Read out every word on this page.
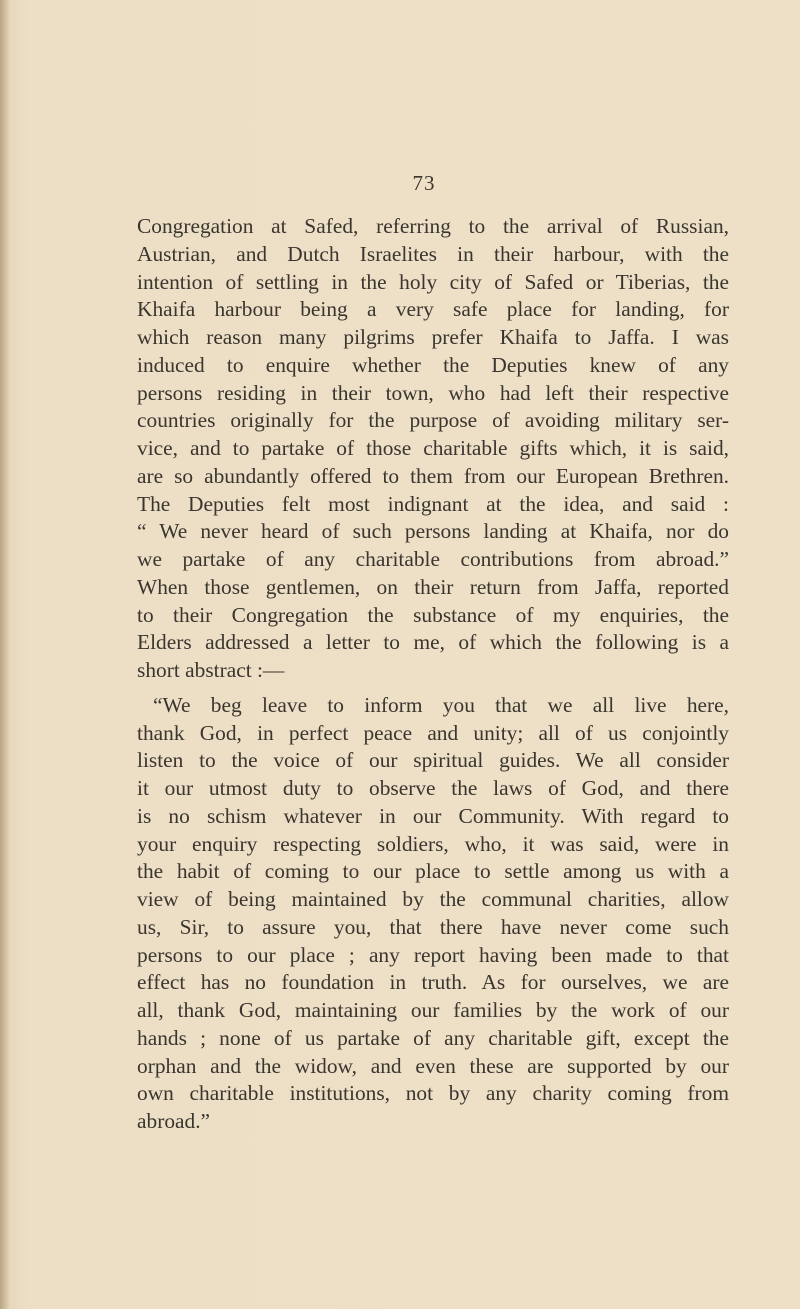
73
Congregation at Safed, referring to the arrival of Russian,
Austrian, and Dutch Israelites in their harbour, with the
intention of settling in the holy city of Safed or Tiberias, the
Khaifa harbour being a very safe place for landing, for
which reason many pilgrims prefer Khaifa to Jaffa. I was
induced to enquire whether the Deputies knew of any
persons residing in their town, who had left their respective
countries originally for the purpose of avoiding military ser-
vice, and to partake of those charitable gifts which, it is said,
are so abundantly offered to them from our European Brethren.
The Deputies felt most indignant at the idea, and said :
“ We never heard of such persons landing at Khaifa, nor do
we partake of any charitable contributions from abroad.”
When those gentlemen, on their return from Jaffa, reported
to their Congregation the substance of my enquiries, the
Elders addressed a letter to me, of which the following is a
short abstract :—
“We beg leave to inform you that we all live here,
thank God, in perfect peace and unity; all of us conjointly
listen to the voice of our spiritual guides. We all consider
it our utmost duty to observe the laws of God, and there
is no schism whatever in our Community. With regard to
your enquiry respecting soldiers, who, it was said, were in
the habit of coming to our place to settle among us with a
view of being maintained by the communal charities, allow
us, Sir, to assure you, that there have never come such
persons to our place ; any report having been made to that
effect has no foundation in truth. As for ourselves, we are
all, thank God, maintaining our families by the work of our
hands ; none of us partake of any charitable gift, except the
orphan and the widow, and even these are supported by our
own charitable institutions, not by any charity coming from
abroad.”
